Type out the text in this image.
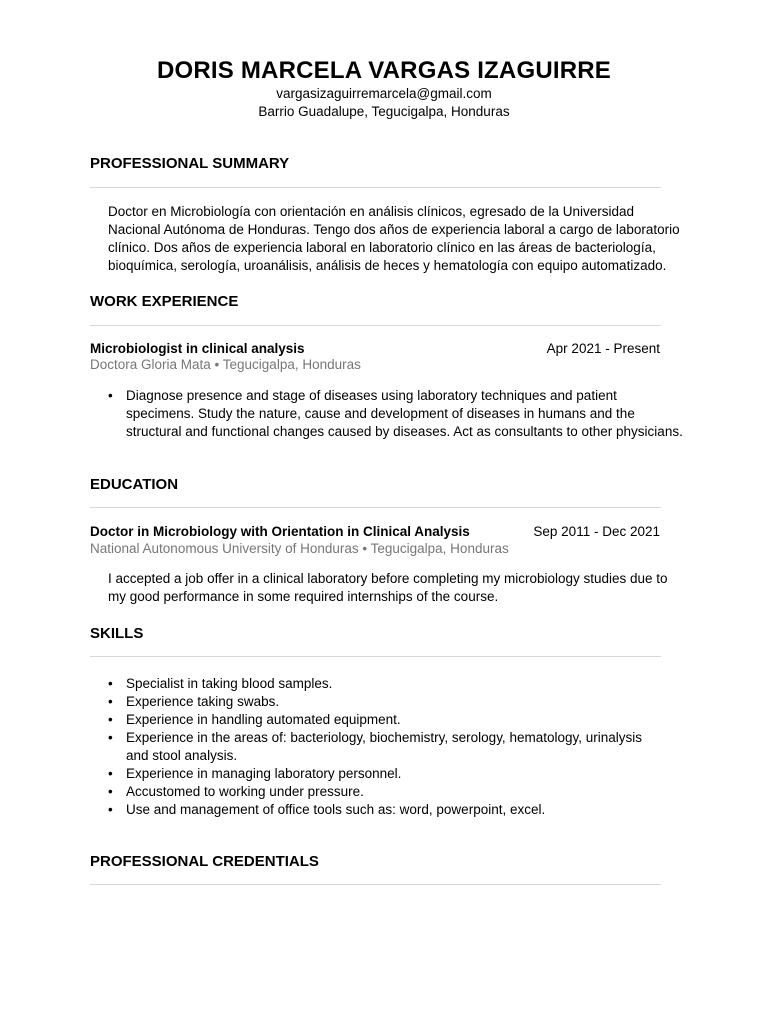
DORIS MARCELA VARGAS IZAGUIRRE
vargasizaguirremarcela@gmail.com
Barrio Guadalupe, Tegucigalpa, Honduras
PROFESSIONAL SUMMARY
Doctor en Microbiología con orientación en análisis clínicos, egresado de la Universidad Nacional Autónoma de Honduras. Tengo dos años de experiencia laboral a cargo de laboratorio clínico. Dos años de experiencia laboral en laboratorio clínico en las áreas de bacteriología, bioquímica, serología, uroanálisis, análisis de heces y hematología con equipo automatizado.
WORK EXPERIENCE
Microbiologist in clinical analysis	Apr 2021 - Present
Doctora Gloria Mata • Tegucigalpa, Honduras
• Diagnose presence and stage of diseases using laboratory techniques and patient specimens. Study the nature, cause and development of diseases in humans and the structural and functional changes caused by diseases. Act as consultants to other physicians.
EDUCATION
Doctor in Microbiology with Orientation in Clinical Analysis	Sep 2011 - Dec 2021
National Autonomous University of Honduras • Tegucigalpa, Honduras
I accepted a job offer in a clinical laboratory before completing my microbiology studies due to my good performance in some required internships of the course.
SKILLS
• Specialist in taking blood samples.
• Experience taking swabs.
• Experience in handling automated equipment.
• Experience in the areas of: bacteriology, biochemistry, serology, hematology, urinalysis and stool analysis.
• Experience in managing laboratory personnel.
• Accustomed to working under pressure.
• Use and management of office tools such as: word, powerpoint, excel.
PROFESSIONAL CREDENTIALS
